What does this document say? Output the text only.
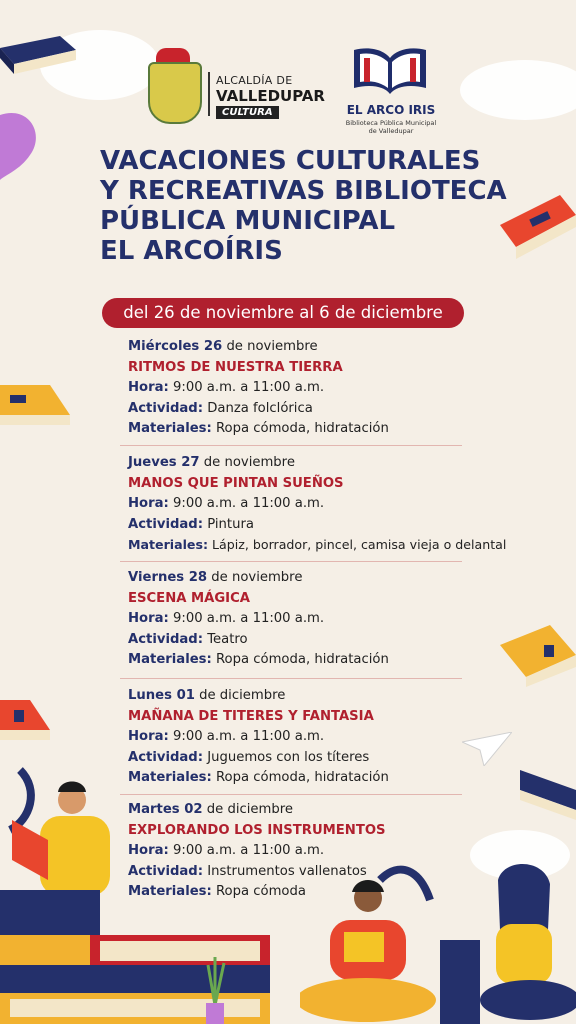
ALCALDÍA DE
VALLEDUPAR
CULTURA	EL ARCO IRIS
Biblioteca Pública Municipal
de Valledupar
VACACIONES CULTURALES
Y RECREATIVAS BIBLIOTECA
PÚBLICA MUNICIPAL
EL ARCOÍRIS
del 26 de noviembre al 6 de diciembre
Miércoles 26 de noviembre
RITMOS DE NUESTRA TIERRA
Hora: 9:00 a.m. a 11:00 a.m.
Actividad: Danza folclórica
Materiales: Ropa cómoda, hidratación
Jueves 27 de noviembre
MANOS QUE PINTAN SUEÑOS
Hora: 9:00 a.m. a 11:00 a.m.
Actividad: Pintura
Materiales: Lápiz, borrador, pincel, camisa vieja o delantal
Viernes 28 de noviembre
ESCENA MÁGICA
Hora: 9:00 a.m. a 11:00 a.m.
Actividad: Teatro
Materiales: Ropa cómoda, hidratación
Lunes 01 de diciembre
MAÑANA DE TITERES Y FANTASIA
Hora: 9:00 a.m. a 11:00 a.m.
Actividad: Juguemos con los títeres
Materiales: Ropa cómoda, hidratación
Martes 02 de diciembre
EXPLORANDO LOS INSTRUMENTOS
Hora: 9:00 a.m. a 11:00 a.m.
Actividad: Instrumentos vallenatos
Materiales: Ropa cómoda
